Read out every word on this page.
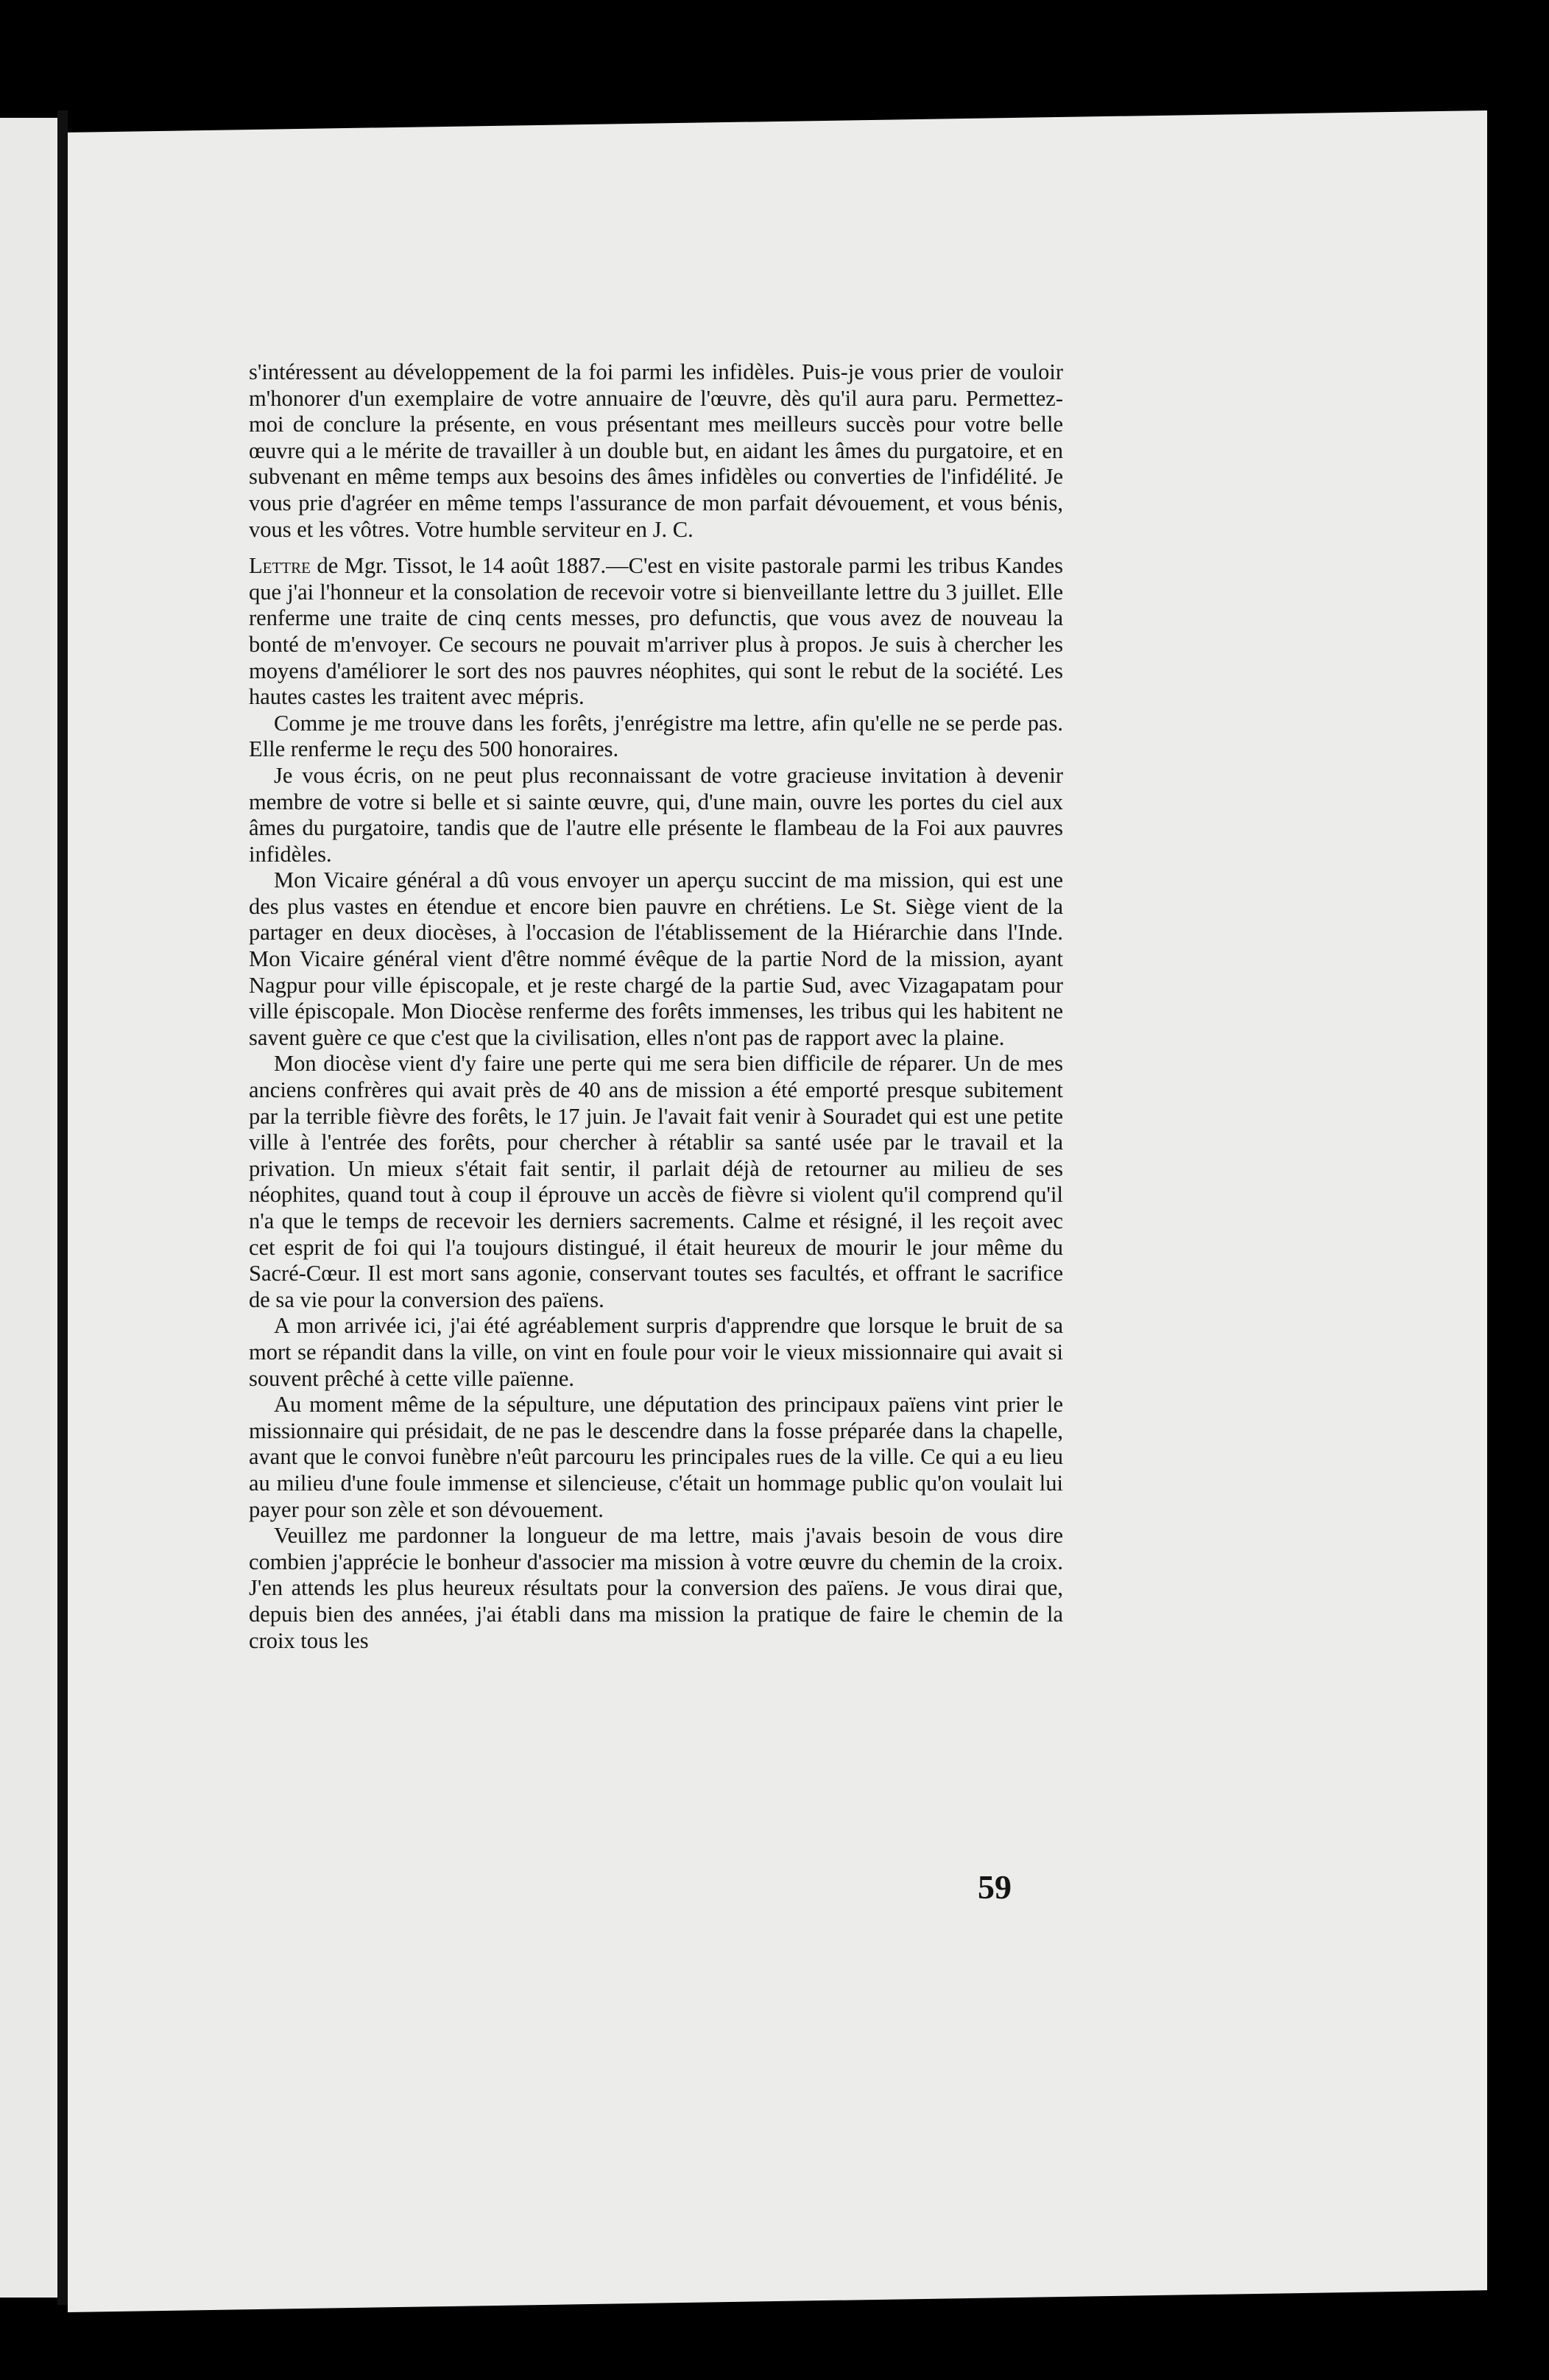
s'intéressent au développement de la foi parmi les infidèles. Puis-je vous prier de vouloir m'honorer d'un exemplaire de votre annuaire de l'œuvre, dès qu'il aura paru. Permettez-moi de conclure la présente, en vous présentant mes meilleurs succès pour votre belle œuvre qui a le mérite de travailler à un double but, en aidant les âmes du purgatoire, et en subvenant en même temps aux besoins des âmes infidèles ou converties de l'infidélité. Je vous prie d'agréer en même temps l'assurance de mon parfait dévouement, et vous bénis, vous et les vôtres. Votre humble serviteur en J. C.

Lettre de Mgr. Tissot, le 14 août 1887.—C'est en visite pastorale parmi les tribus Kandes que j'ai l'honneur et la consolation de recevoir votre si bienveillante lettre du 3 juillet. Elle renferme une traite de cinq cents messes, pro defunctis, que vous avez de nouveau la bonté de m'envoyer. Ce secours ne pouvait m'arriver plus à propos. Je suis à chercher les moyens d'améliorer le sort des nos pauvres néophites, qui sont le rebut de la société. Les hautes castes les traitent avec mépris.

Comme je me trouve dans les forêts, j'enrégistre ma lettre, afin qu'elle ne se perde pas. Elle renferme le reçu des 500 honoraires.

Je vous écris, on ne peut plus reconnaissant de votre gracieuse invitation à devenir membre de votre si belle et si sainte œuvre, qui, d'une main, ouvre les portes du ciel aux âmes du purgatoire, tandis que de l'autre elle présente le flambeau de la Foi aux pauvres infidèles.

Mon Vicaire général a dû vous envoyer un aperçu succint de ma mission, qui est une des plus vastes en étendue et encore bien pauvre en chrétiens. Le St. Siège vient de la partager en deux diocèses, à l'occasion de l'établissement de la Hiérarchie dans l'Inde. Mon Vicaire général vient d'être nommé évêque de la partie Nord de la mission, ayant Nagpur pour ville épiscopale, et je reste chargé de la partie Sud, avec Vizagapatam pour ville épiscopale. Mon Diocèse renferme des forêts immenses, les tribus qui les habitent ne savent guère ce que c'est que la civilisation, elles n'ont pas de rapport avec la plaine.

Mon diocèse vient d'y faire une perte qui me sera bien difficile de réparer. Un de mes anciens confrères qui avait près de 40 ans de mission a été emporté presque subitement par la terrible fièvre des forêts, le 17 juin. Je l'avait fait venir à Souradet qui est une petite ville à l'entrée des forêts, pour chercher à rétablir sa santé usée par le travail et la privation. Un mieux s'était fait sentir, il parlait déjà de retourner au milieu de ses néophites, quand tout à coup il éprouve un accès de fièvre si violent qu'il comprend qu'il n'a que le temps de recevoir les derniers sacrements. Calme et résigné, il les reçoit avec cet esprit de foi qui l'a toujours distingué, il était heureux de mourir le jour même du Sacré-Cœur. Il est mort sans agonie, conservant toutes ses facultés, et offrant le sacrifice de sa vie pour la conversion des païens.

A mon arrivée ici, j'ai été agréablement surpris d'apprendre que lorsque le bruit de sa mort se répandit dans la ville, on vint en foule pour voir le vieux missionnaire qui avait si souvent prêché à cette ville païenne.

Au moment même de la sépulture, une députation des principaux païens vint prier le missionnaire qui présidait, de ne pas le descendre dans la fosse préparée dans la chapelle, avant que le convoi funèbre n'eût parcouru les principales rues de la ville. Ce qui a eu lieu au milieu d'une foule immense et silencieuse, c'était un hommage public qu'on voulait lui payer pour son zèle et son dévouement.

Veuillez me pardonner la longueur de ma lettre, mais j'avais besoin de vous dire combien j'apprécie le bonheur d'associer ma mission à votre œuvre du chemin de la croix. J'en attends les plus heureux résultats pour la conversion des païens. Je vous dirai que, depuis bien des années, j'ai établi dans ma mission la pratique de faire le chemin de la croix tous les

59
